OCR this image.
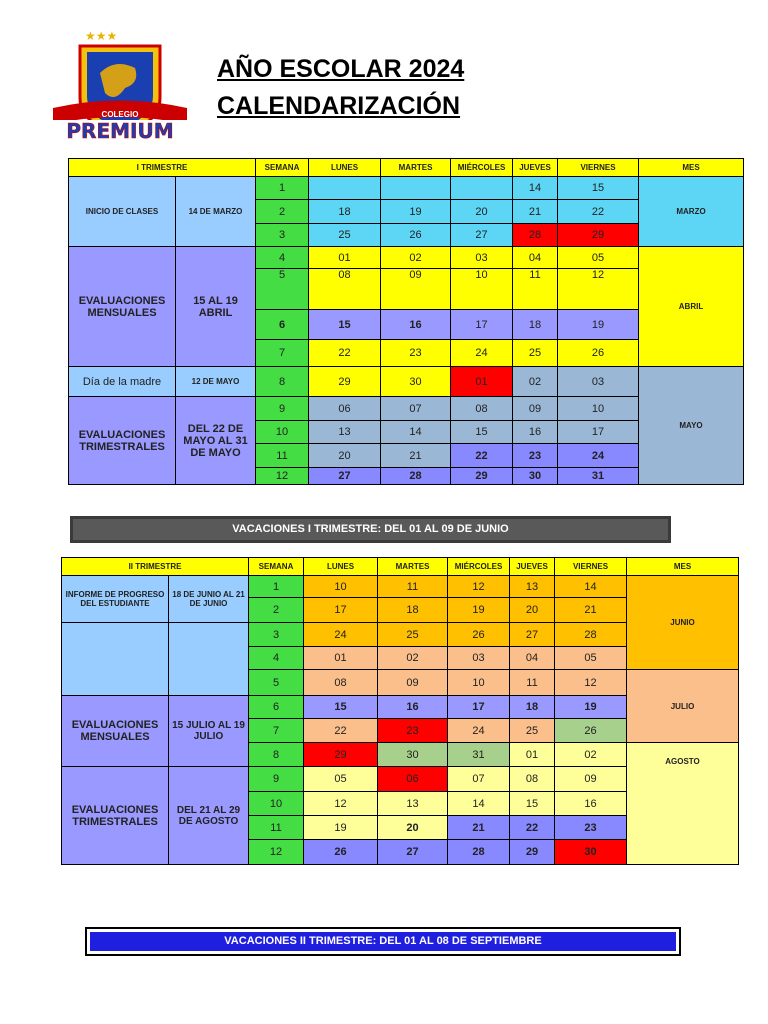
★★★
COLEGIO
PREMIUM
AÑO ESCOLAR 2024
CALENDARIZACIÓN
I TRIMESTRE		SEMANA	LUNES	MARTES	MIÉRCOLES	JUEVES	VIERNES	MES
INICIO DE CLASES	14 DE MARZO	1				14	15	MARZO
		2	18	19	20	21	22	
		3	25	26	27	28	29	
EVALUACIONES MENSUALES	15 AL 19 ABRIL	4	01	02	03	04	05	ABRIL
		5	08	09	10	11	12	
		6	15	16	17	18	19	
		7	22	23	24	25	26	
Día de la madre	12 DE MAYO	8	29	30	01	02	03	MAYO
EVALUACIONES TRIMESTRALES	DEL 22 DE MAYO AL 31 DE MAYO	9	06	07	08	09	10	
		10	13	14	15	16	17	
		11	20	21	22	23	24	
		12	27	28	29	30	31	
VACACIONES I TRIMESTRE: DEL 01 AL 09 DE JUNIO
II TRIMESTRE		SEMANA	LUNES	MARTES	MIÉRCOLES	JUEVES	VIERNES	MES
INFORME DE PROGRESO DEL ESTUDIANTE	18 DE JUNIO AL 21 DE JUNIO	1	10	11	12	13	14	JUNIO
		2	17	18	19	20	21	
		3	24	25	26	27	28	
		4	01	02	03	04	05	
		5	08	09	10	11	12	JULIO
EVALUACIONES MENSUALES	15 JULIO AL 19 JULIO	6	15	16	17	18	19	
		7	22	23	24	25	26	
		8	29	30	31	01	02	AGOSTO
EVALUACIONES TRIMESTRALES	DEL 21 AL 29 DE AGOSTO	9	05	06	07	08	09	
		10	12	13	14	15	16	
		11	19	20	21	22	23	
		12	26	27	28	29	30	
VACACIONES II TRIMESTRE: DEL 01 AL 08 DE SEPTIEMBRE
